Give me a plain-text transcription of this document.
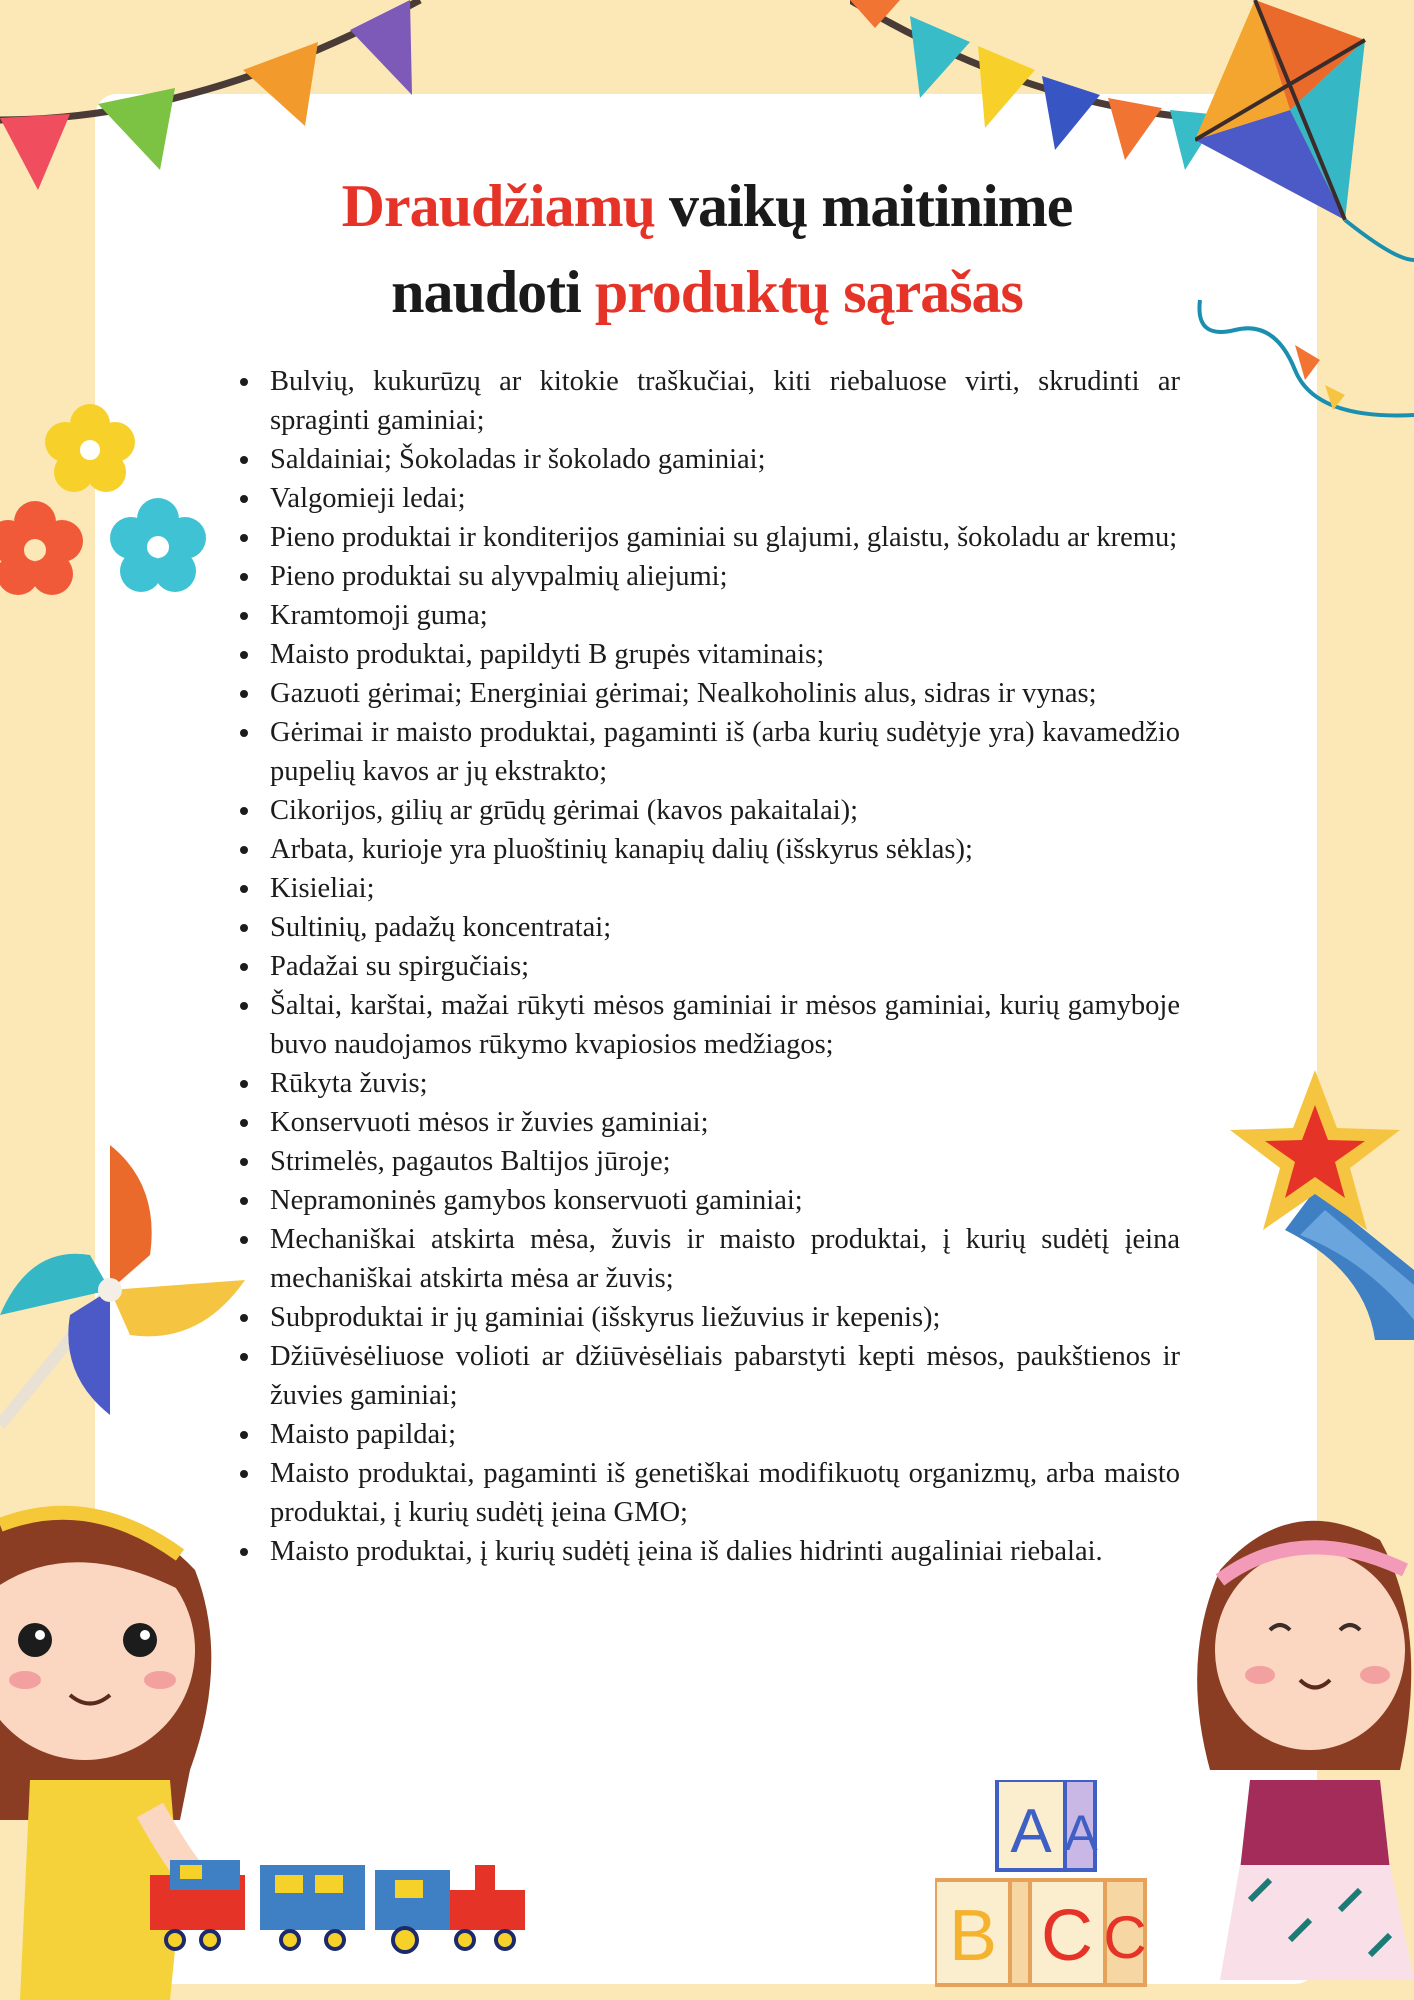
A A
B C C
Draudžiamų vaikų maitinime
naudoti produktų sąrašas
Bulvių, kukurūzų ar kitokie traškučiai, kiti riebaluose virti, skrudinti ar spraginti gaminiai;
Saldainiai; Šokoladas ir šokolado gaminiai;
Valgomieji ledai;
Pieno produktai ir konditerijos gaminiai su glajumi, glaistu, šokoladu ar kremu;
Pieno produktai su alyvpalmių aliejumi;
Kramtomoji guma;
Maisto produktai, papildyti B grupės vitaminais;
Gazuoti gėrimai; Energiniai gėrimai; Nealkoholinis alus, sidras ir vynas;
Gėrimai ir maisto produktai, pagaminti iš (arba kurių sudėtyje yra) kavamedžio pupelių kavos ar jų ekstrakto;
Cikorijos, gilių ar grūdų gėrimai (kavos pakaitalai);
Arbata, kurioje yra pluoštinių kanapių dalių (išskyrus sėklas);
Kisieliai;
Sultinių, padažų koncentratai;
Padažai su spirgučiais;
Šaltai, karštai, mažai rūkyti mėsos gaminiai ir mėsos gaminiai, kurių gamyboje buvo naudojamos rūkymo kvapiosios medžiagos;
Rūkyta žuvis;
Konservuoti mėsos ir žuvies gaminiai;
Strimelės, pagautos Baltijos jūroje;
Nepramoninės gamybos konservuoti gaminiai;
Mechaniškai atskirta mėsa, žuvis ir maisto produktai, į kurių sudėtį įeina mechaniškai atskirta mėsa ar žuvis;
Subproduktai ir jų gaminiai (išskyrus liežuvius ir kepenis);
Džiūvėsėliuose volioti ar džiūvėsėliais pabarstyti kepti mėsos, paukštienos ir žuvies gaminiai;
Maisto papildai;
Maisto produktai, pagaminti iš genetiškai modifikuotų organizmų, arba maisto produktai, į kurių sudėtį įeina GMO;
Maisto produktai, į kurių sudėtį įeina iš dalies hidrinti augaliniai riebalai.
